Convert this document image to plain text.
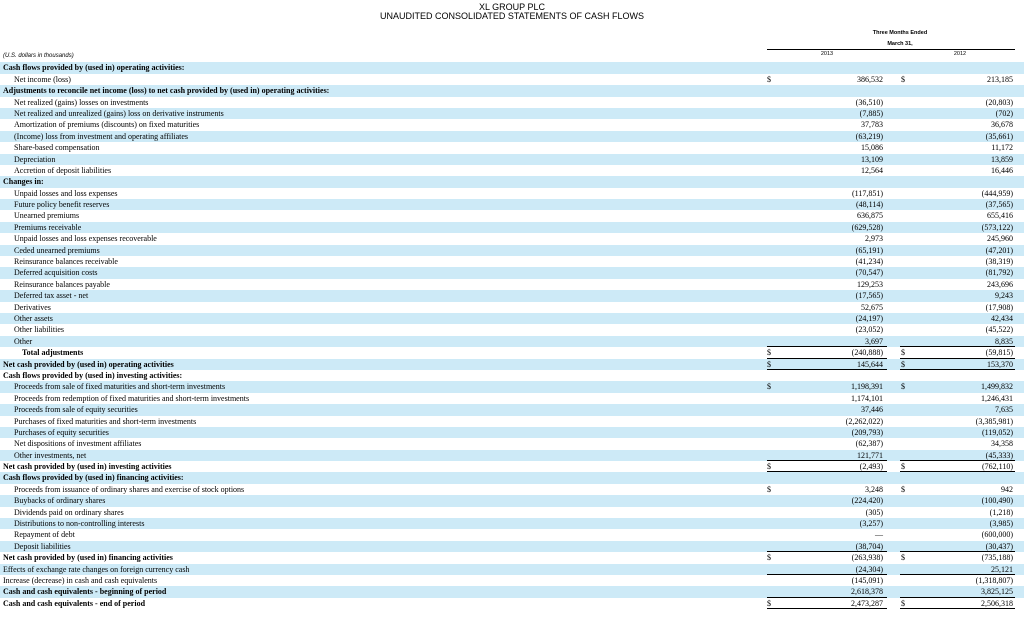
XL GROUP PLC
UNAUDITED CONSOLIDATED STATEMENTS OF CASH FLOWS
Three Months Ended
March 31,
2013	2012
(U.S. dollars in thousands)
Cash flows provided by (used in) operating activities:
Net income (loss)	$	386,532 $	213,185
Adjustments to reconcile net income (loss) to net cash provided by (used in) operating activities:
Net realized (gains) losses on investments	(36,510)	(20,803)
Net realized and unrealized (gains) loss on derivative instruments	(7,885)	(702)
Amortization of premiums (discounts) on fixed maturities	37,783	36,678
(Income) loss from investment and operating affiliates	(63,219)	(35,661)
Share-based compensation	15,086	11,172
Depreciation	13,109	13,859
Accretion of deposit liabilities	12,564	16,446
Changes in:
Unpaid losses and loss expenses	(117,851)	(444,959)
Future policy benefit reserves	(48,114)	(37,565)
Unearned premiums	636,875	655,416
Premiums receivable	(629,528)	(573,122)
Unpaid losses and loss expenses recoverable	2,973	245,960
Ceded unearned premiums	(65,191)	(47,201)
Reinsurance balances receivable	(41,234)	(38,319)
Deferred acquisition costs	(70,547)	(81,792)
Reinsurance balances payable	129,253	243,696
Deferred tax asset - net	(17,565)	9,243
Derivatives	52,675	(17,908)
Other assets	(24,197)	42,434
Other liabilities	(23,052)	(45,522)
Other	3,697	8,835
Total adjustments	$	(240,888) $	(59,815)
Net cash provided by (used in) operating activities	$	145,644 $	153,370
Cash flows provided by (used in) investing activities:
Proceeds from sale of fixed maturities and short-term investments	$	1,198,391 $	1,499,832
Proceeds from redemption of fixed maturities and short-term investments	1,174,101	1,246,431
Proceeds from sale of equity securities	37,446	7,635
Purchases of fixed maturities and short-term investments	(2,262,022)	(3,385,981)
Purchases of equity securities	(209,793)	(119,052)
Net dispositions of investment affiliates	(62,387)	34,358
Other investments, net	121,771	(45,333)
Net cash provided by (used in) investing activities	$	(2,493) $	(762,110)
Cash flows provided by (used in) financing activities:
Proceeds from issuance of ordinary shares and exercise of stock options	$	3,248 $	942
Buybacks of ordinary shares	(224,420)	(100,490)
Dividends paid on ordinary shares	(305)	(1,218)
Distributions to non-controlling interests	(3,257)	(3,985)
Repayment of debt	—	(600,000)
Deposit liabilities	(38,704)	(30,437)
Net cash provided by (used in) financing activities	$	(263,938) $	(735,188)
Effects of exchange rate changes on foreign currency cash	(24,304)	25,121
Increase (decrease) in cash and cash equivalents	(145,091)	(1,318,807)
Cash and cash equivalents - beginning of period	2,618,378	3,825,125
Cash and cash equivalents - end of period	$	2,473,287 $	2,506,318
